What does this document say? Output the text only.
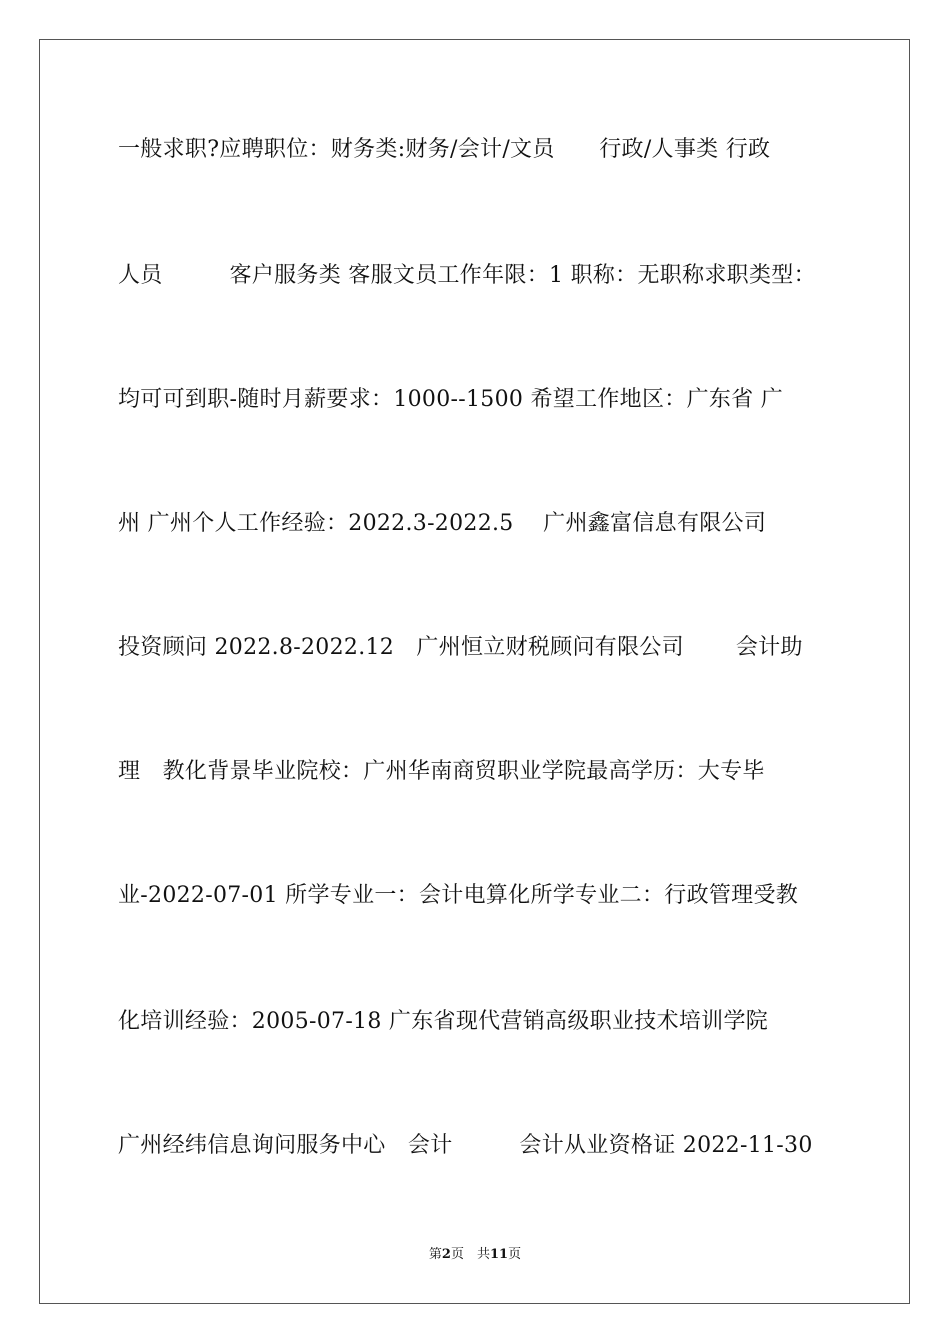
一般求职?应聘职位：财务类:财务/会计/文员　　行政/人事类 行政
人员　　　客户服务类 客服文员工作年限：1 职称：无职称求职类型：
均可可到职-随时月薪要求：1000--1500 希望工作地区：广东省 广
州 广州个人工作经验：2022.3-2022.5　 广州鑫富信息有限公司
投资顾问 2022.8-2022.12　广州恒立财税顾问有限公司　　 会计助
理　教化背景毕业院校：广州华南商贸职业学院最高学历：大专毕
业-2022-07-01 所学专业一：会计电算化所学专业二：行政管理受教
化培训经验：2005-07-18 广东省现代营销高级职业技术培训学院
广州经纬信息询问服务中心　会计　　　会计从业资格证 2022-11-30
第2页　共11页
